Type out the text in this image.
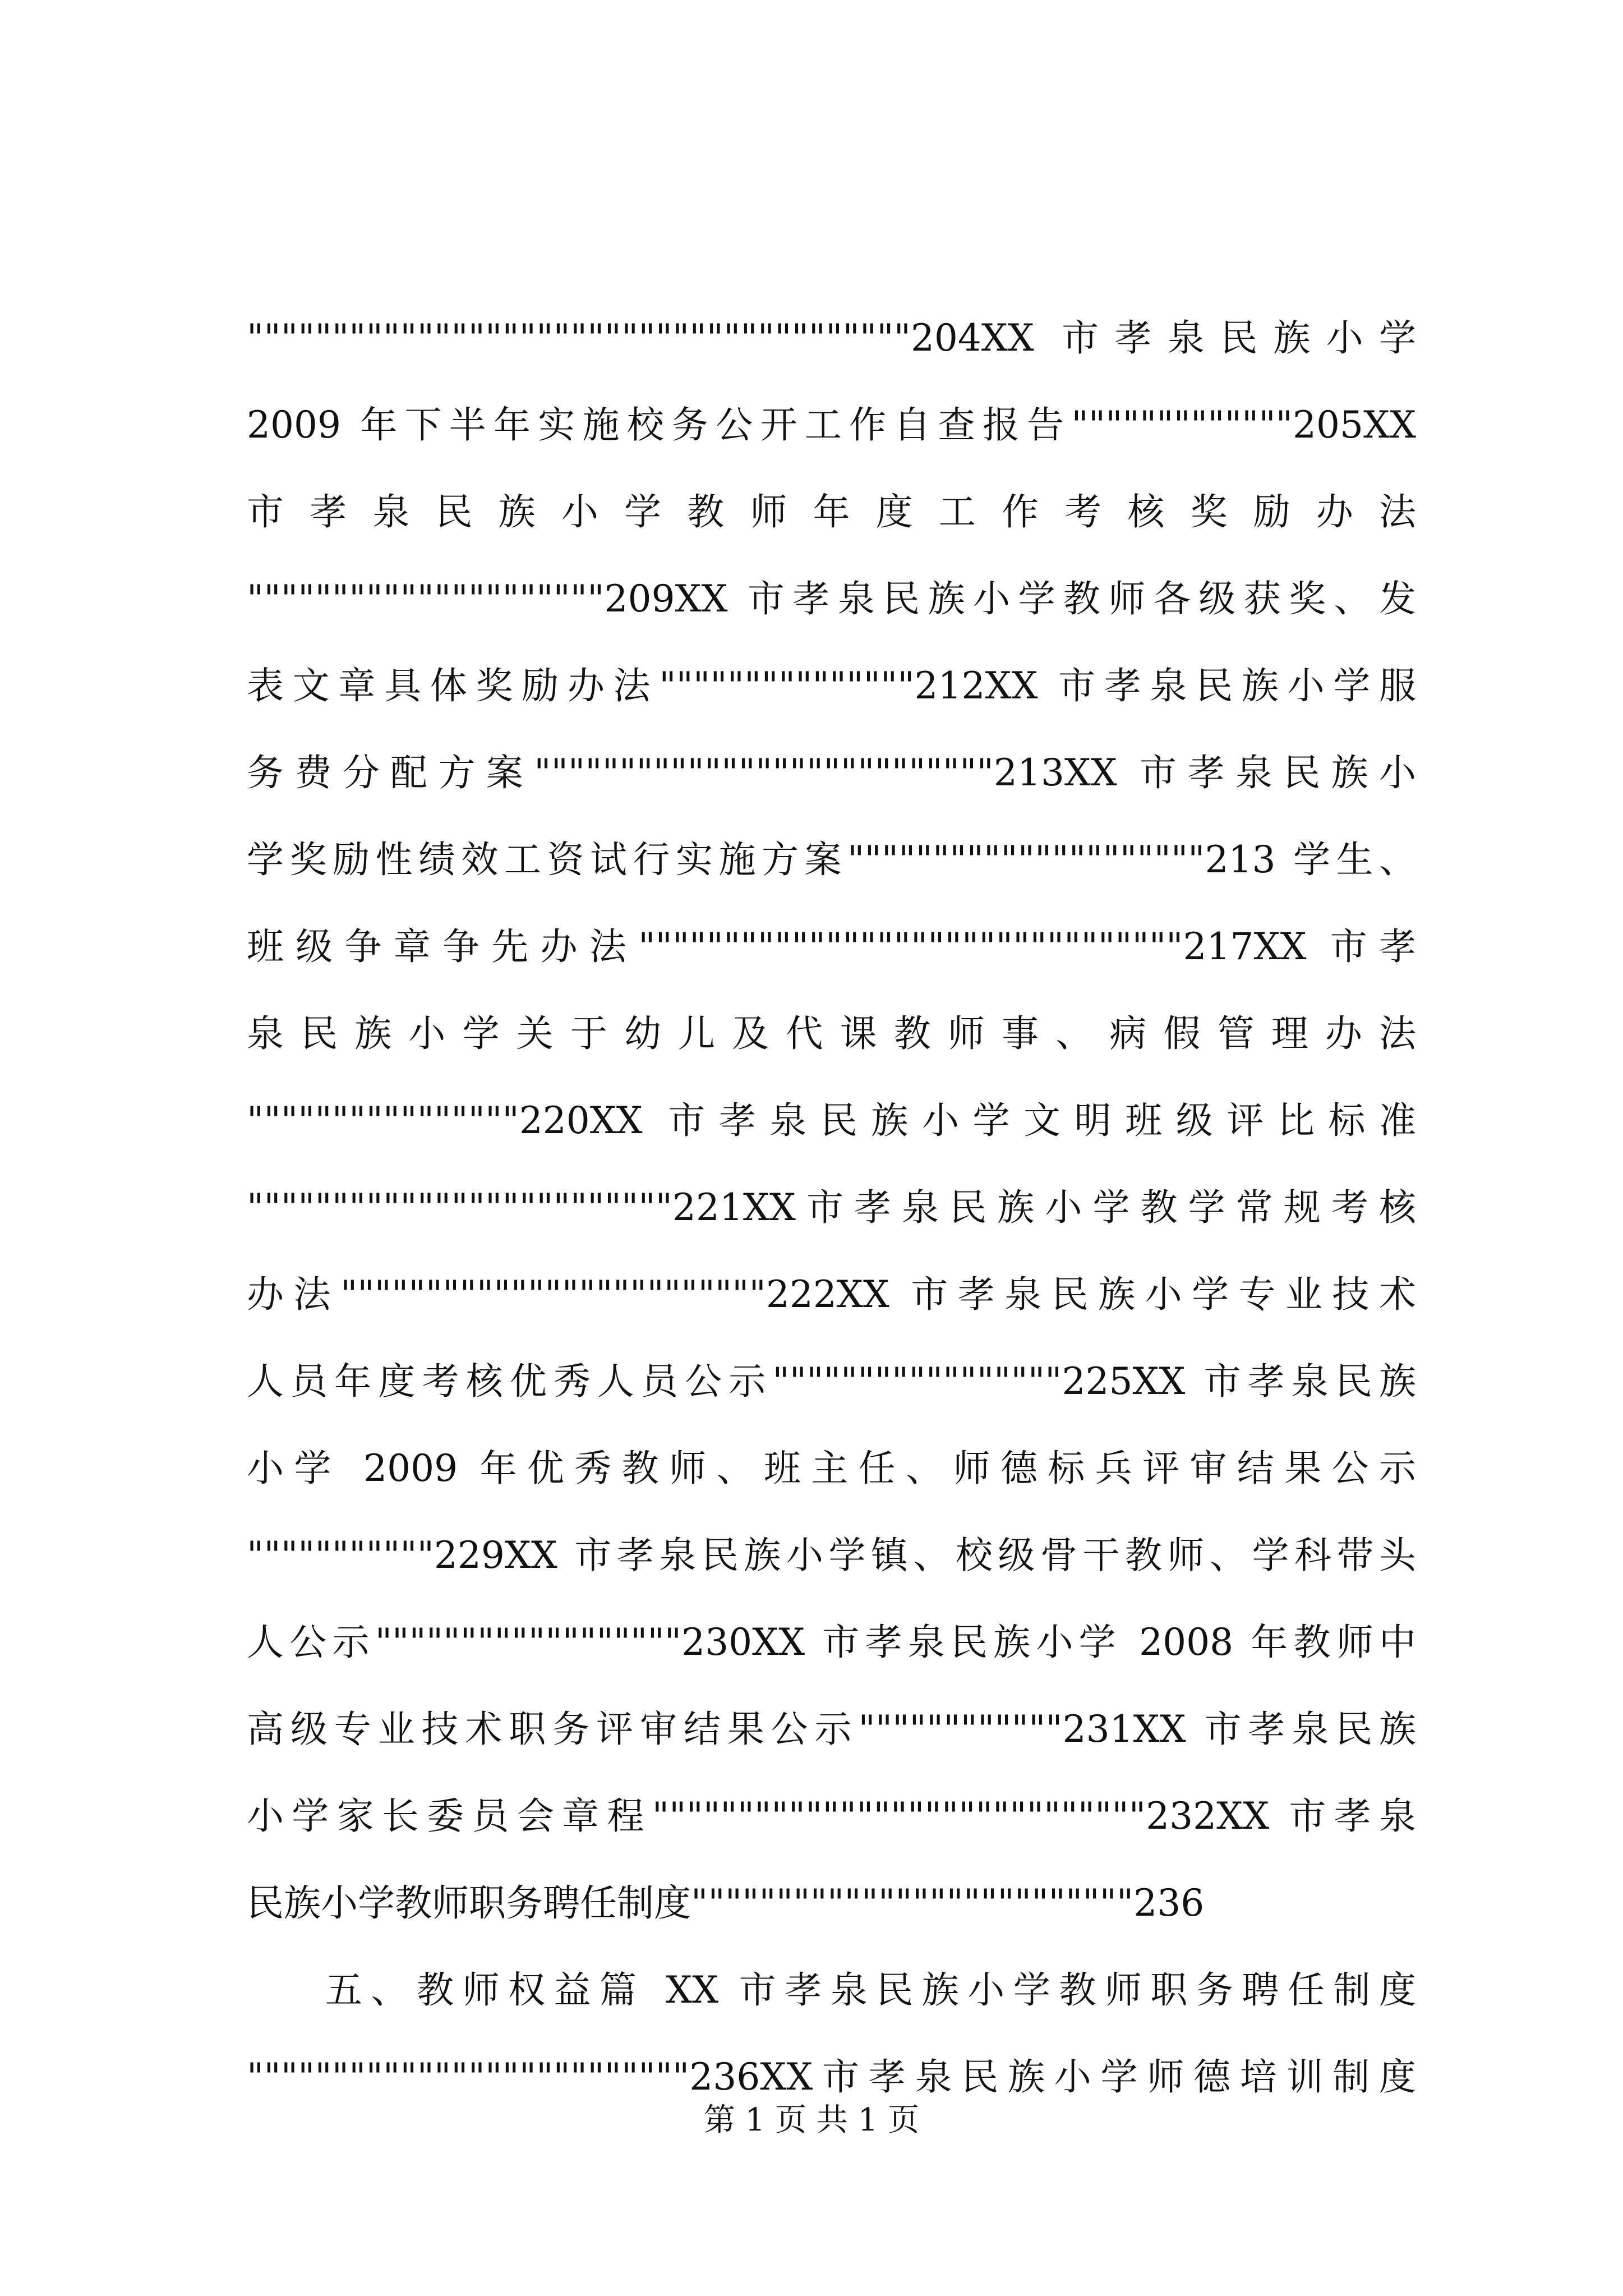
"""""""""""""""""""""""""""""""""""""""204XX 市孝泉民族小学
2009 年下半年实施校务公开工作自查报告"""""""""""""205XX
市 孝 泉 民 族 小 学 教 师 年 度 工 作 考 核 奖 励 办 法
"""""""""""""""""""""209XX 市孝泉民族小学教师各级获奖、发
表文章具体奖励办法"""""""""""""""212XX 市孝泉民族小学服
务费分配方案"""""""""""""""""""""""""""213XX 市孝泉民族小
学奖励性绩效工资试行实施方案"""""""""""""""""""""213 学生、
班级争章争先办法""""""""""""""""""""""""""""""""217XX 市孝
泉 民 族 小 学 关 于 幼 儿 及 代 课 教 师 事 、 病 假 管 理 办 法
""""""""""""""""220XX 市孝泉民族小学文明班级评比标准
"""""""""""""""""""""""""221XX市孝泉民族小学教学常规考核
办法"""""""""""""""""""""""""222XX 市孝泉民族小学专业技术
人员年度考核优秀人员公示"""""""""""""""""225XX 市孝泉民族
小学 2009 年优秀教师、班主任、师德标兵评审结果公示
"""""""""""229XX 市孝泉民族小学镇、校级骨干教师、学科带头
人公示""""""""""""""""""230XX 市孝泉民族小学 2008 年教师中
高级专业技术职务评审结果公示""""""""""""231XX 市孝泉民族
小学家长委员会章程"""""""""""""""""""""""""""""232XX 市孝泉
民族小学教师职务聘任制度""""""""""""""""""""""""""236
五、教师权益篇 XX 市孝泉民族小学教师职务聘任制度
""""""""""""""""""""""""""236XX市孝泉民族小学师德培训制度
第 1 页 共 1 页
